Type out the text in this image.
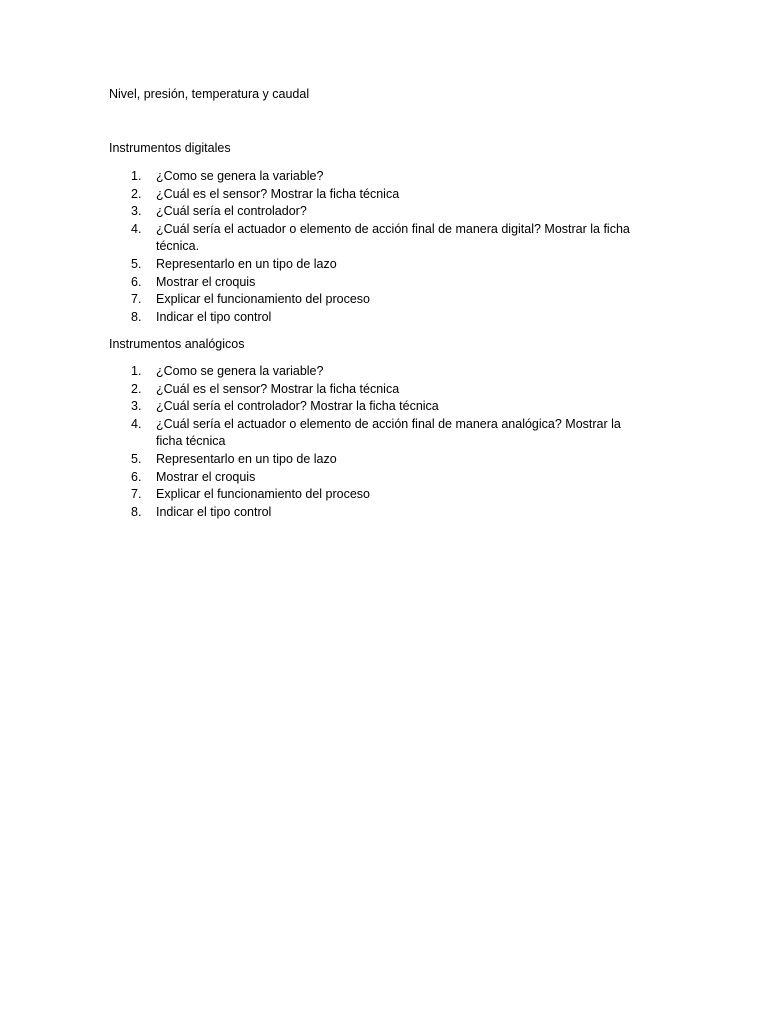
Nivel, presión, temperatura y caudal
Instrumentos digitales
1. ¿Como se genera la variable?
2. ¿Cuál es el sensor? Mostrar la ficha técnica
3. ¿Cuál sería el controlador?
4. ¿Cuál sería el actuador o elemento de acción final de manera digital? Mostrar la ficha técnica.
5. Representarlo en un tipo de lazo
6. Mostrar el croquis
7. Explicar el funcionamiento del proceso
8. Indicar el tipo control
Instrumentos analógicos
1. ¿Como se genera la variable?
2. ¿Cuál es el sensor? Mostrar la ficha técnica
3. ¿Cuál sería el controlador? Mostrar la ficha técnica
4. ¿Cuál sería el actuador o elemento de acción final de manera analógica? Mostrar la ficha técnica
5. Representarlo en un tipo de lazo
6. Mostrar el croquis
7. Explicar el funcionamiento del proceso
8. Indicar el tipo control
